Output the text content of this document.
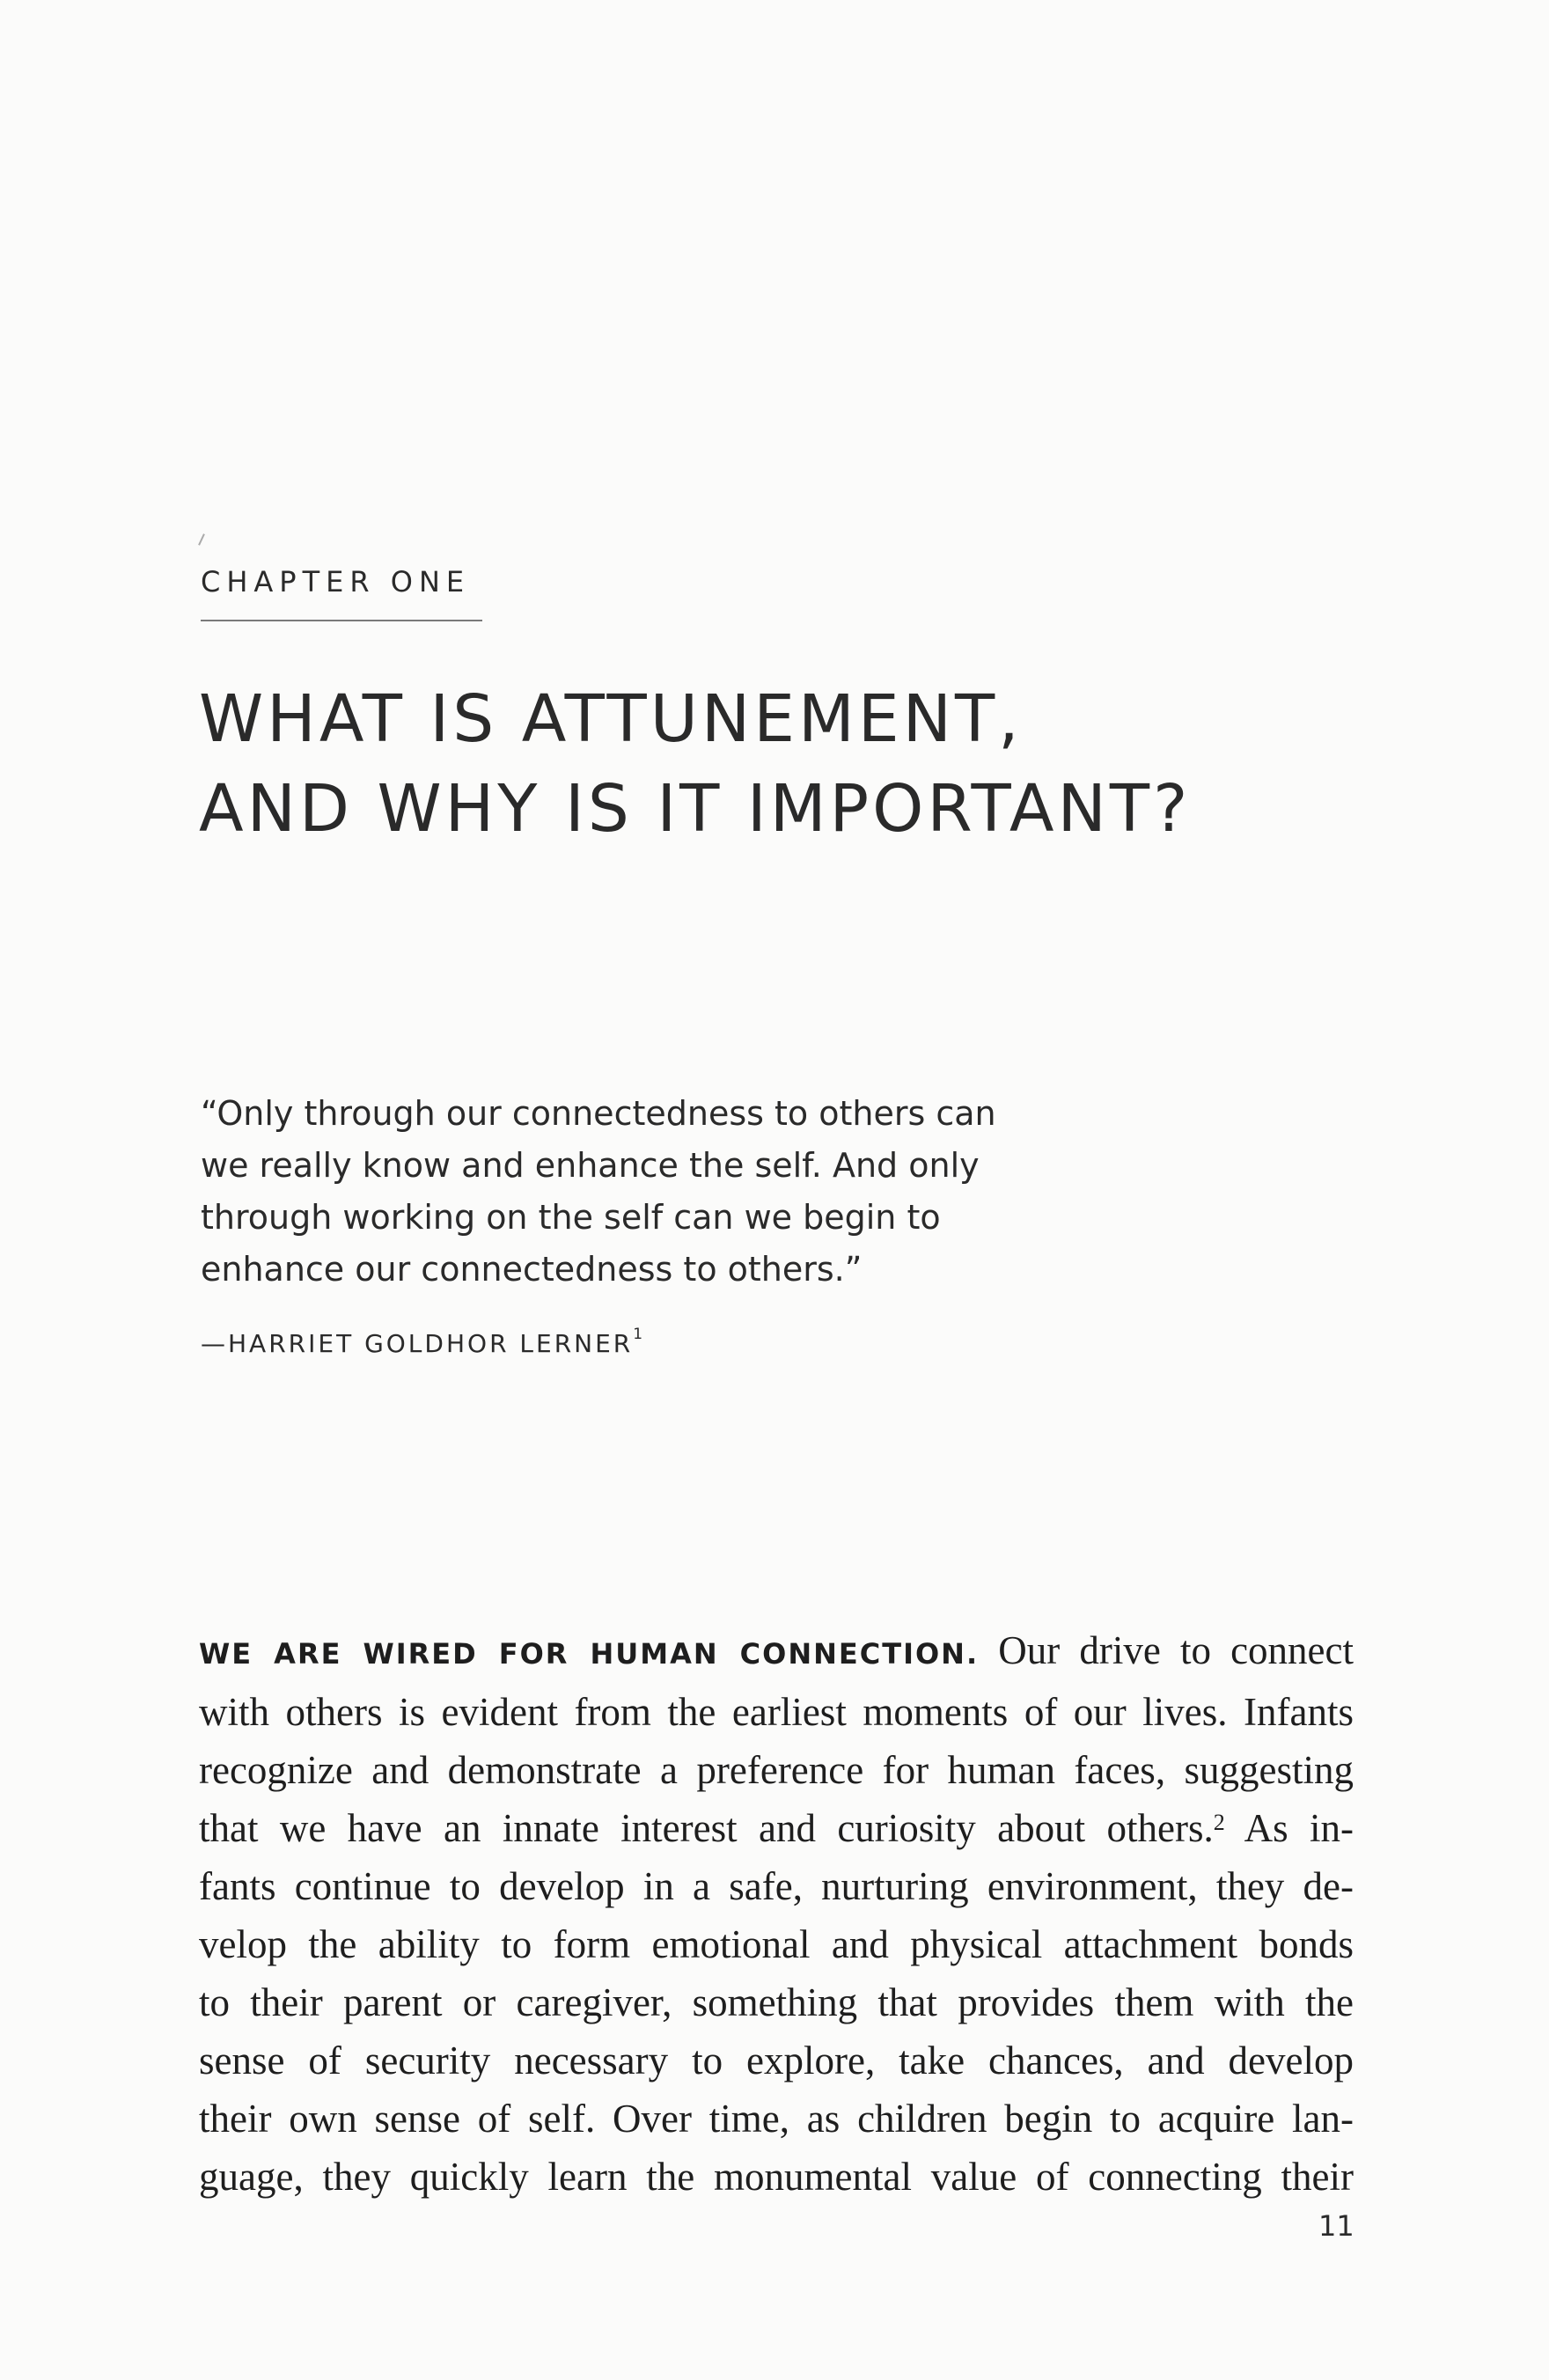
CHAPTER ONE
WHAT IS ATTUNEMENT,
AND WHY IS IT IMPORTANT?

“Only through our connectedness to others can
we really know and enhance the self. And only
through working on the self can we begin to
enhance our connectedness to others.”

—HARRIET GOLDHOR LERNER$^1$
WE ARE WIRED FOR HUMAN CONNECTION. Our drive to connect
with others is evident from the earliest moments of our lives. Infants
recognize and demonstrate a preference for human faces, suggesting
that we have an innate interest and curiosity about others.$^2$ As in-
fants continue to develop in a safe, nurturing environment, they de-
velop the ability to form emotional and physical attachment bonds
to their parent or caregiver, something that provides them with the
sense of security necessary to explore, take chances, and develop
their own sense of self. Over time, as children begin to acquire lan-
guage, they quickly learn the monumental value of connecting their
11
